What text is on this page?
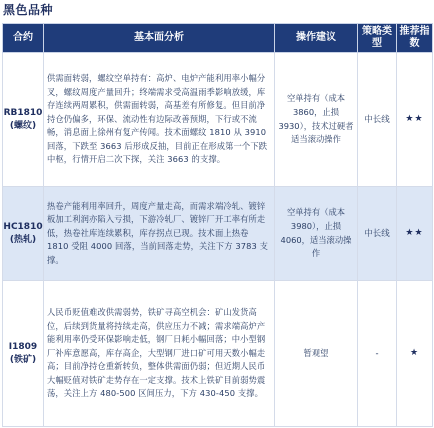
黑色品种
合约	基本面分析	操作建议	策略类型	推荐指数

RB1810
(螺纹)	供需面转弱，螺纹空单持有：高炉、电炉产能利用率小幅分叉，螺纹周度产量回升；终端需求受高温雨季影响放缓，库存连续两周累积，供需面转弱，高基差有所修复。但目前净持仓仍偏多，环保、流动性有边际改善预期，下行或不流畅，消息面上徐州有复产传闻。技术面螺纹 1810 从 3910 回落，下跌至 3663 后形成反抽，目前正在形成第一个下跌中枢，行情开启二次下探，关注 3663 的支撑。	空单持有（成本 3860，止损 3930），技术过硬者适当滚动操作	中长线	★★

HC1810
(热轧)	热卷产能利用率回升，周度产量走高，而需求端冷轧、镀锌板加工利润亦陷入亏损，下游冷轧厂、镀锌厂开工率有所走低，热卷社库连续累积，库存拐点已现。技术面上热卷 1810 受阻 4000 回落，当前回落走势，关注下方 3783 支撑。	空单持有（成本 3980），止损 4060，适当滚动操作	中长线	★★

I1809
(铁矿)	人民币贬值难改供需弱势，铁矿寻高空机会：矿山发货高位，后续到货量将持续走高，供应压力不减；需求端高炉产能利用率仍受环保影响走低，钢厂日耗小幅回落；中小型钢厂补库意愿高，库存高企，大型钢厂进口矿可用天数小幅走高；目前净持仓重新转负，整体供需面仍弱；但近期人民币大幅贬值对铁矿走势存在一定支撑。技术上铁矿目前弱势震荡，关注上方 480-500 区间压力，下方 430-450 支撑。	暂观望	-	★
